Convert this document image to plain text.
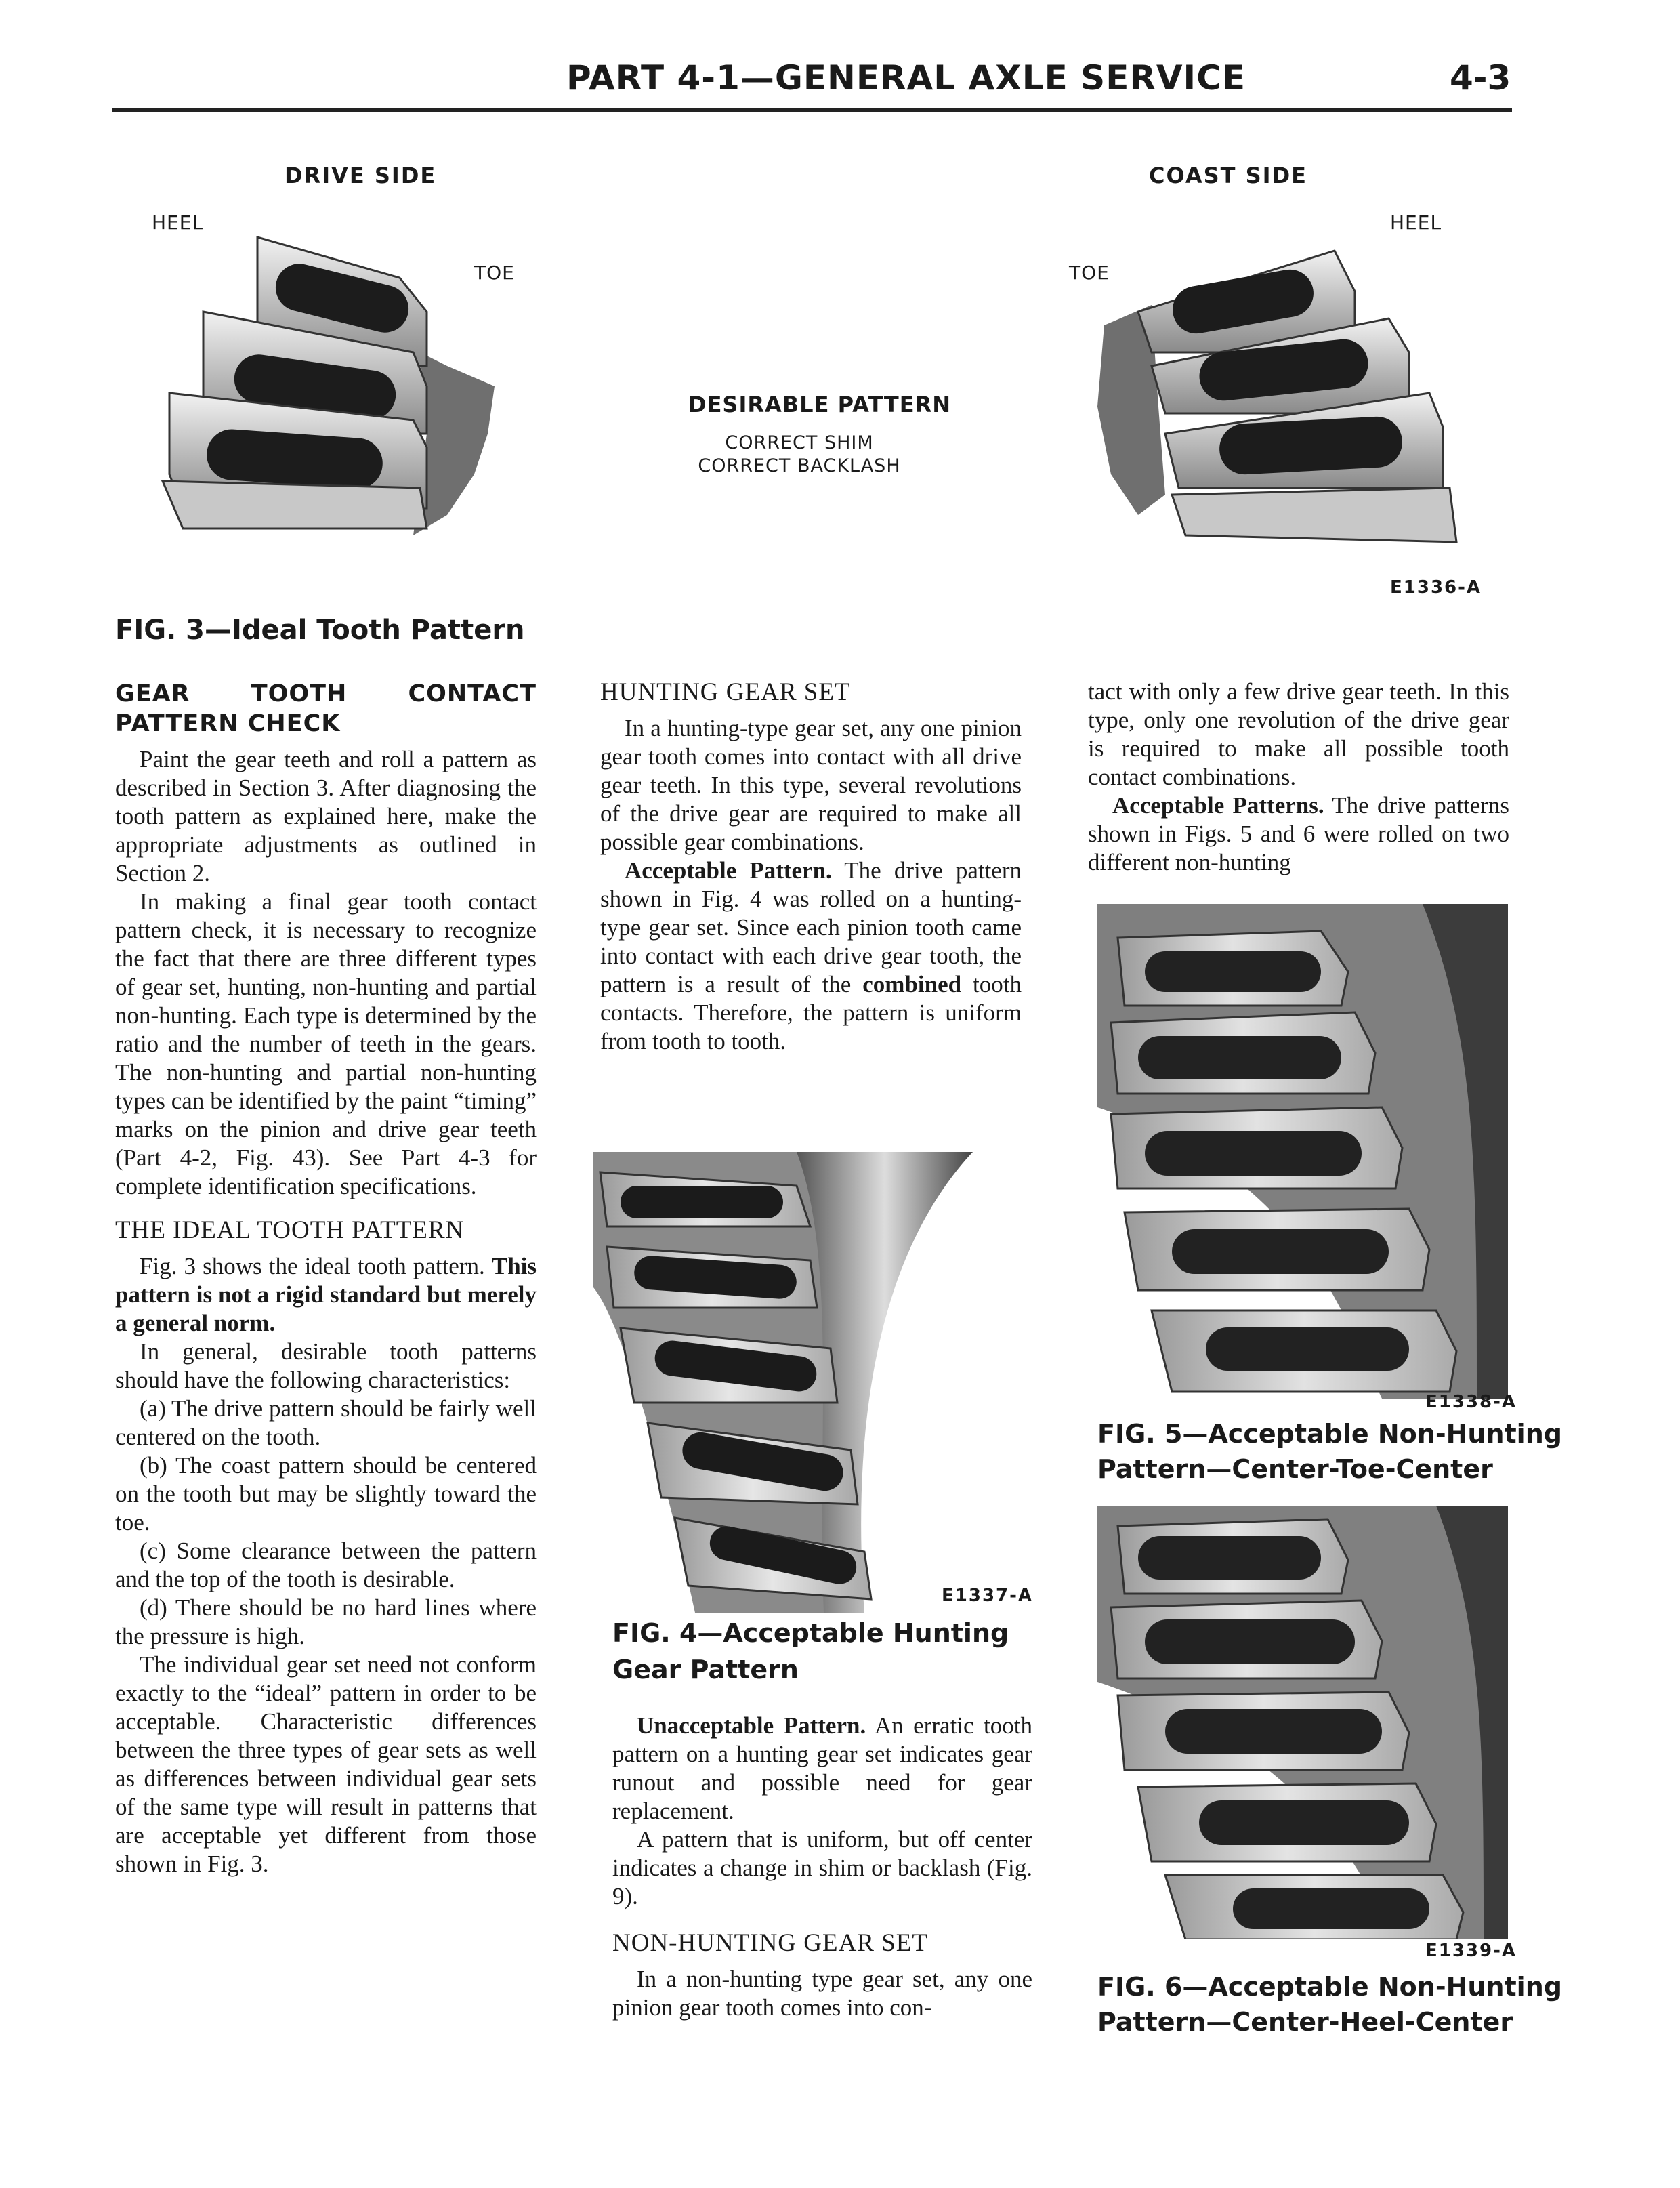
PART 4-1—GENERAL AXLE SERVICE	4-3
DRIVE SIDE
HEEL
TOE
COAST SIDE
HEEL
TOE
DESIRABLE PATTERN
CORRECT SHIM
CORRECT BACKLASH
E1336-A
FIG. 3—Ideal Tooth Pattern
GEAR TOOTH CONTACT PATTERN CHECK

Paint the gear teeth and roll a pattern as described in Section 3. After diagnosing the tooth pattern as explained here, make the appropriate adjustments as outlined in Section 2.

In making a final gear tooth contact pattern check, it is necessary to recognize the fact that there are three different types of gear set, hunting, non-hunting and partial non-hunting. Each type is determined by the ratio and the number of teeth in the gears. The non-hunting and partial non-hunting types can be identified by the paint “timing” marks on the pinion and drive gear teeth (Part 4-2, Fig. 43). See Part 4-3 for complete identification specifications.

THE IDEAL TOOTH PATTERN

Fig. 3 shows the ideal tooth pattern. This pattern is not a rigid standard but merely a general norm.

In general, desirable tooth patterns should have the following characteristics:

(a) The drive pattern should be fairly well centered on the tooth.

(b) The coast pattern should be centered on the tooth but may be slightly toward the toe.

(c) Some clearance between the pattern and the top of the tooth is desirable.

(d) There should be no hard lines where the pressure is high.

The individual gear set need not conform exactly to the “ideal” pattern in order to be acceptable. Characteristic differences between the three types of gear sets as well as differences between individual gear sets of the same type will result in patterns that are acceptable yet different from those shown in Fig. 3.

HUNTING GEAR SET

In a hunting-type gear set, any one pinion gear tooth comes into contact with all drive gear teeth. In this type, several revolutions of the drive gear are required to make all possible gear combinations.

Acceptable Pattern. The drive pattern shown in Fig. 4 was rolled on a hunting-type gear set. Since each pinion tooth came into contact with each drive gear tooth, the pattern is a result of the combined tooth contacts. Therefore, the pattern is uniform from tooth to tooth.

E1337-A
FIG. 4—Acceptable Hunting
Gear Pattern

Unacceptable Pattern. An erratic tooth pattern on a hunting gear set indicates gear runout and possible need for gear replacement.

A pattern that is uniform, but off center indicates a change in shim or backlash (Fig. 9).

NON-HUNTING GEAR SET

In a non-hunting type gear set, any one pinion gear tooth comes into con-

tact with only a few drive gear teeth. In this type, only one revolution of the drive gear is required to make all possible tooth contact combinations.

Acceptable Patterns. The drive patterns shown in Figs. 5 and 6 were rolled on two different non-hunting

E1338-A
FIG. 5—Acceptable Non-Hunting
Pattern—Center-Toe-Center
E1339-A
FIG. 6—Acceptable Non-Hunting
Pattern—Center-Heel-Center
